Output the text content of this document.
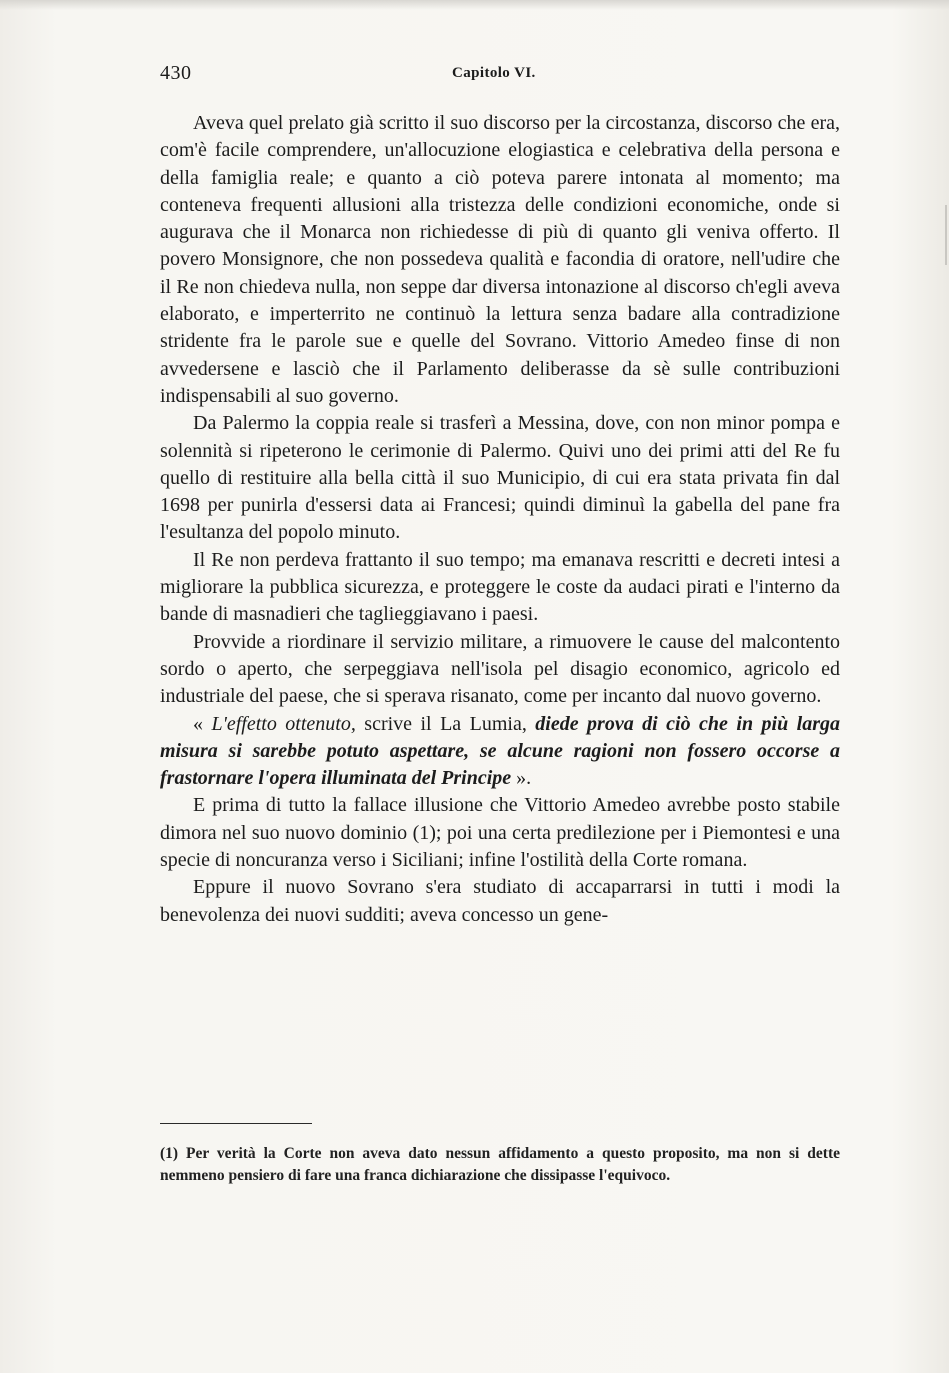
430	Capitolo VI.

Aveva quel prelato già scritto il suo discorso per la circostanza, discorso che era, com'è facile comprendere, un'allocuzione elogiastica e celebrativa della persona e della famiglia reale; e quanto a ciò poteva parere intonata al momento; ma conteneva frequenti allusioni alla tristezza delle condizioni economiche, onde si augurava che il Monarca non richiedesse di più di quanto gli veniva offerto. Il povero Monsignore, che non possedeva qualità e facondia di oratore, nell'udire che il Re non chiedeva nulla, non seppe dar diversa intonazione al discorso ch'egli aveva elaborato, e imperterrito ne continuò la lettura senza badare alla contradizione stridente fra le parole sue e quelle del Sovrano. Vittorio Amedeo finse di non avvedersene e lasciò che il Parlamento deliberasse da sè sulle contribuzioni indispensabili al suo governo.

Da Palermo la coppia reale si trasferì a Messina, dove, con non minor pompa e solennità si ripeterono le cerimonie di Palermo. Quivi uno dei primi atti del Re fu quello di restituire alla bella città il suo Municipio, di cui era stata privata fin dal 1698 per punirla d'essersi data ai Francesi; quindi diminuì la gabella del pane fra l'esultanza del popolo minuto.

Il Re non perdeva frattanto il suo tempo; ma emanava rescritti e decreti intesi a migliorare la pubblica sicurezza, e proteggere le coste da audaci pirati e l'interno da bande di masnadieri che taglieggiavano i paesi.

Provvide a riordinare il servizio militare, a rimuovere le cause del malcontento sordo o aperto, che serpeggiava nell'isola pel disagio economico, agricolo ed industriale del paese, che si sperava risanato, come per incanto dal nuovo governo.

« L'effetto ottenuto, scrive il La Lumia, diede prova di ciò che in più larga misura si sarebbe potuto aspettare, se alcune ragioni non fossero occorse a frastornare l'opera illuminata del Principe ».

E prima di tutto la fallace illusione che Vittorio Amedeo avrebbe posto stabile dimora nel suo nuovo dominio (1); poi una certa predilezione per i Piemontesi e una specie di noncuranza verso i Siciliani; infine l'ostilità della Corte romana.

Eppure il nuovo Sovrano s'era studiato di accaparrarsi in tutti i modi la benevolenza dei nuovi sudditi; aveva concesso un gene-

(1) Per verità la Corte non aveva dato nessun affidamento a questo proposito, ma non si dette nemmeno pensiero di fare una franca dichiarazione che dissipasse l'equivoco.
